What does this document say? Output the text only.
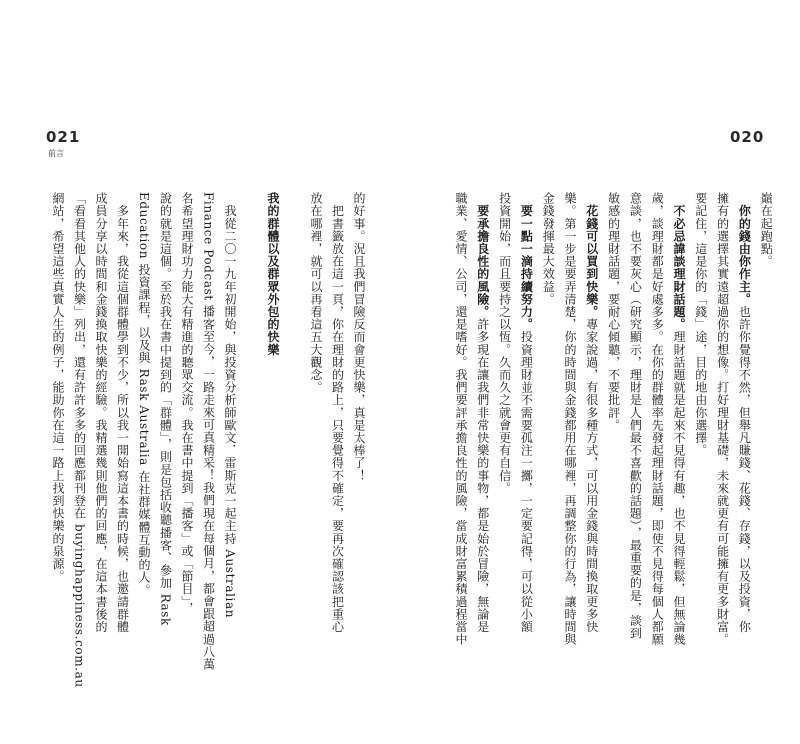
021
前言
020
網站，希望這些真實人生的例子，能助你在這一路上找到快樂的泉源。 「看看其他人的快樂」列出，還有許許多多的回應都刊登在 buyinghappiness.com.au 成員分享以時間和金錢換取快樂的經驗。我精選幾則他們的回應，在這本書後的 　多年來，我從這個群體學到不少，所以我一開始寫這本書的時候，也邀請群體 Education 投資課程，以及與 Rask Australia 在社群媒體互動的人。 說的就是這個。至於我在書中提到的「群體」，則是包括收聽播客、參加 Rask 名希望理財功力能大有精進的聽眾交流。我在書中提到「播客」或「節目」， Finance Podcast 播客至今，一路走來可真精采！我們現在每個月，都會跟超過八萬 　我從二〇一九年初開始，與投資分析師歐文．雷斯克一起主持 Australian 我的群體以及群眾外包的快樂 放在哪裡，就可以再看這五大觀念。 　把書籤放在這一頁，你在理財的路上，只要覺得不確定，要再次確認該把重心 的好事。況且我們冒險反而會更快樂，真是太棒了！	職業、愛情、公司，還是嗜好。我們要評承擔良性的風險，當成財富累積過程當中 　要承擔良性的風險。許多現在讓我們非常快樂的事物，都是始於冒險，無論是 投資開始，而且要持之以恆。久而久之就會更有自信。 　要一點一滴持續努力。投資理財並不需要孤注一擲，一定要記得，可以從小額
金錢發揮最大效益。 樂。第一步是要弄清楚，你的時間與金錢都用在哪裡，再調整你的行為，讓時間與 　花錢可以買到快樂。專家說過，有很多種方式，可以用金錢與時間換取更多快
敏感的理財話題，要耐心傾聽，不要批評。 意談，也不要灰心（研究顯示，理財是人們最不喜歡的話題），最重要的是，談到 歲，談理財都是好處多多。在你的群體率先發起理財話題，即使不見得每個人都願 　不必忌諱談理財話題。理財話題就是起來不見得有趣，也不見得輕鬆，但無論幾
要記住，這是你的「錢」途，目的地由你選擇。 擁有的選擇其實遠超過你的想像。打好理財基礎，未來就更有可能擁有更多財富。 　你的錢由你作主。也許你覺得不然，但舉凡賺錢、花錢、存錢，以及投資，你
巔在起跑點。
